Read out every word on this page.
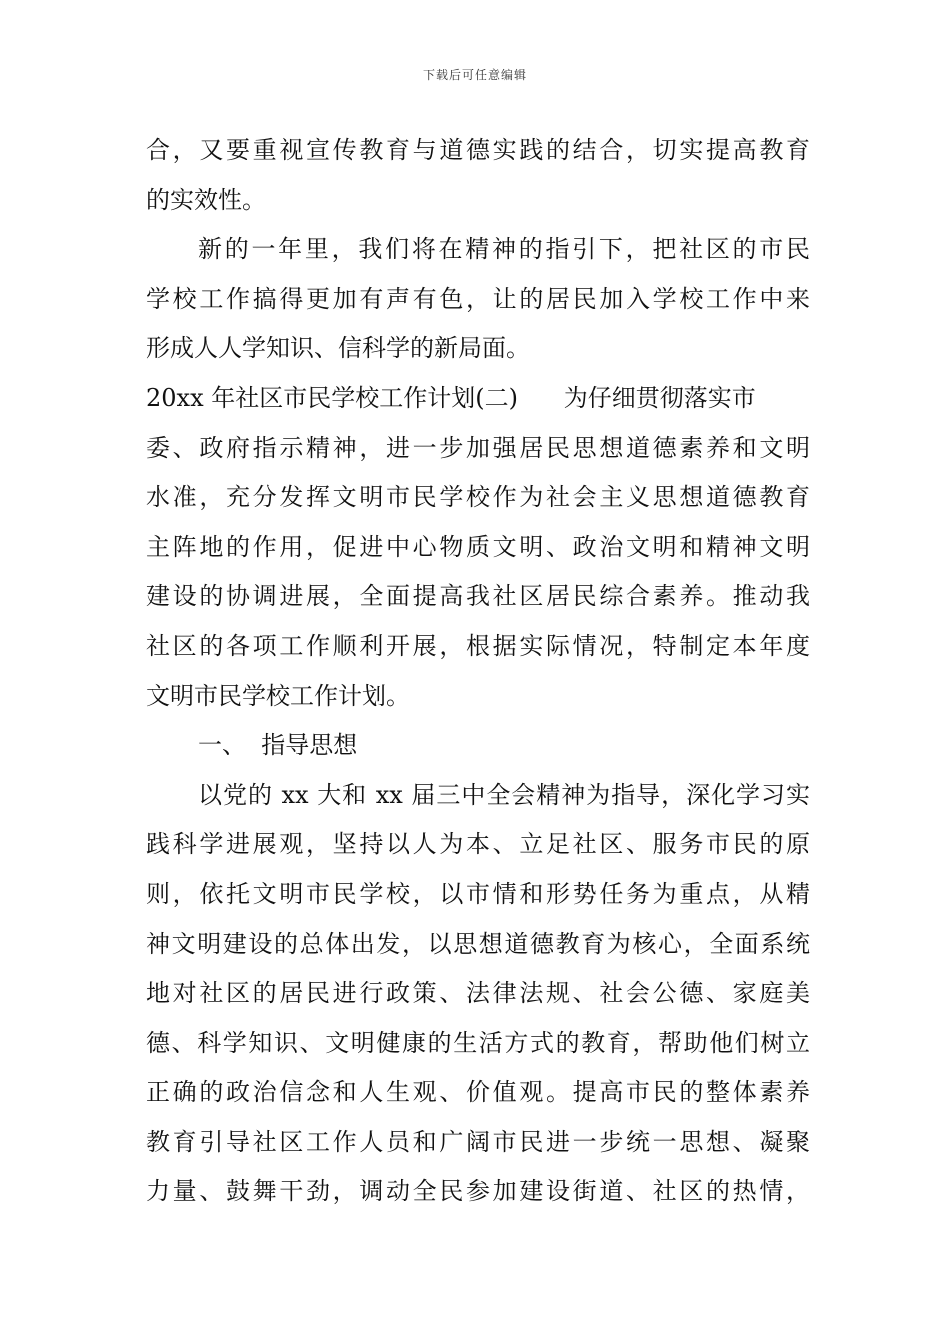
下载后可任意编辑
合，又要重视宣传教育与道德实践的结合，切实提高教育
的实效性。
新的一年里，我们将在精神的指引下，把社区的市民
学校工作搞得更加有声有色，让的居民加入学校工作中来
形成人人学知识、信科学的新局面。
20xx 年社区市民学校工作计划(二)      为仔细贯彻落实市
委、政府指示精神，进一步加强居民思想道德素养和文明
水准，充分发挥文明市民学校作为社会主义思想道德教育
主阵地的作用，促进中心物质文明、政治文明和精神文明
建设的协调进展，全面提高我社区居民综合素养。推动我
社区的各项工作顺利开展，根据实际情况，特制定本年度
文明市民学校工作计划。
一、  指导思想
以党的 xx 大和 xx 届三中全会精神为指导，深化学习实
践科学进展观，坚持以人为本、立足社区、服务市民的原
则，依托文明市民学校，以市情和形势任务为重点，从精
神文明建设的总体出发，以思想道德教育为核心，全面系统
地对社区的居民进行政策、法律法规、社会公德、家庭美
德、科学知识、文明健康的生活方式的教育，帮助他们树立
正确的政治信念和人生观、价值观。提高市民的整体素养
教育引导社区工作人员和广阔市民进一步统一思想、凝聚
力量、鼓舞干劲，调动全民参加建设街道、社区的热情，
